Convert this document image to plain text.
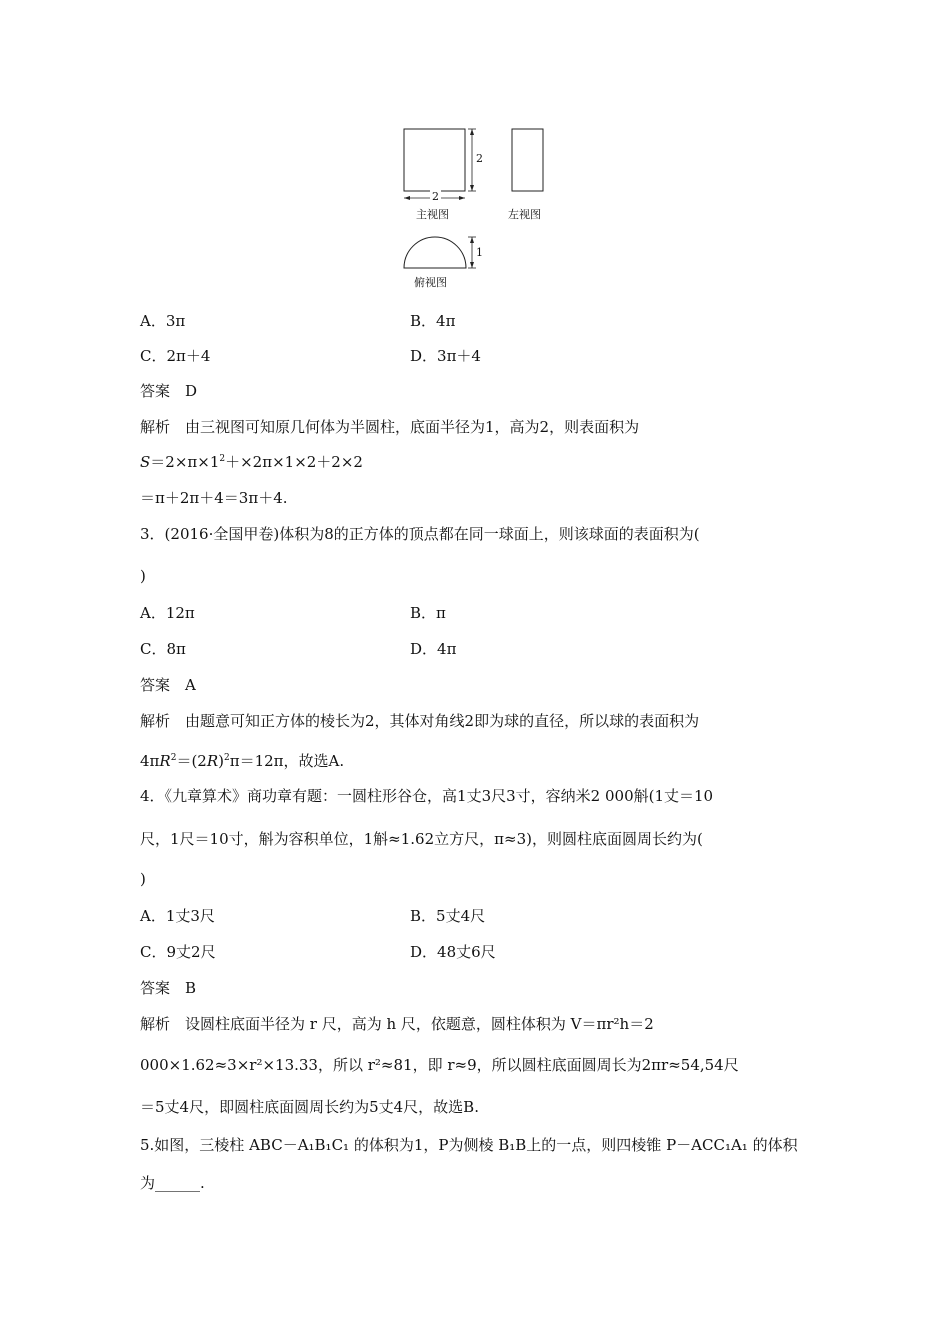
2
2
主视图	左视图
1
俯视图
A．3π	B．4π
C．2π＋4	D．3π＋4
答案　D
解析　由三视图可知原几何体为半圆柱，底面半径为1，高为2，则表面积为
$S=2\times\pi\times 1^2+\times 2\pi\times 1\times 2+2\times 2$
＝π＋2π＋4＝3π＋4.
3．(2016·全国甲卷)体积为8的正方体的顶点都在同一球面上，则该球面的表面积为(
)
A．12π	B．π
C．8π	D．4π
答案　A
解析　由题意可知正方体的棱长为2，其体对角线2即为球的直径，所以球的表面积为
$4\pi R^2=(2R)^2\pi=12\pi$，故选A.
4．《九章算术》商功章有题：一圆柱形谷仓，高1丈3尺3寸，容纳米2 000斛(1丈＝10
尺，1尺＝10寸，斛为容积单位，1斛≈1.62立方尺，π≈3)，则圆柱底面圆周长约为(
)
A．1丈3尺	B．5丈4尺
C．9丈2尺	D．48丈6尺
答案　B
解析　设圆柱底面半径为 r 尺，高为 h 尺，依题意，圆柱体积为 V＝πr²h＝2
000×1.62≈3×r²×13.33，所以 r²≈81，即 r≈9，所以圆柱底面圆周长为2πr≈54,54尺
＝5丈4尺，即圆柱底面圆周长约为5丈4尺，故选B.
5.如图，三棱柱 ABC－A₁B₁C₁ 的体积为1，P为侧棱 B₁B上的一点，则四棱锥 P－ACC₁A₁ 的体积
为______.
